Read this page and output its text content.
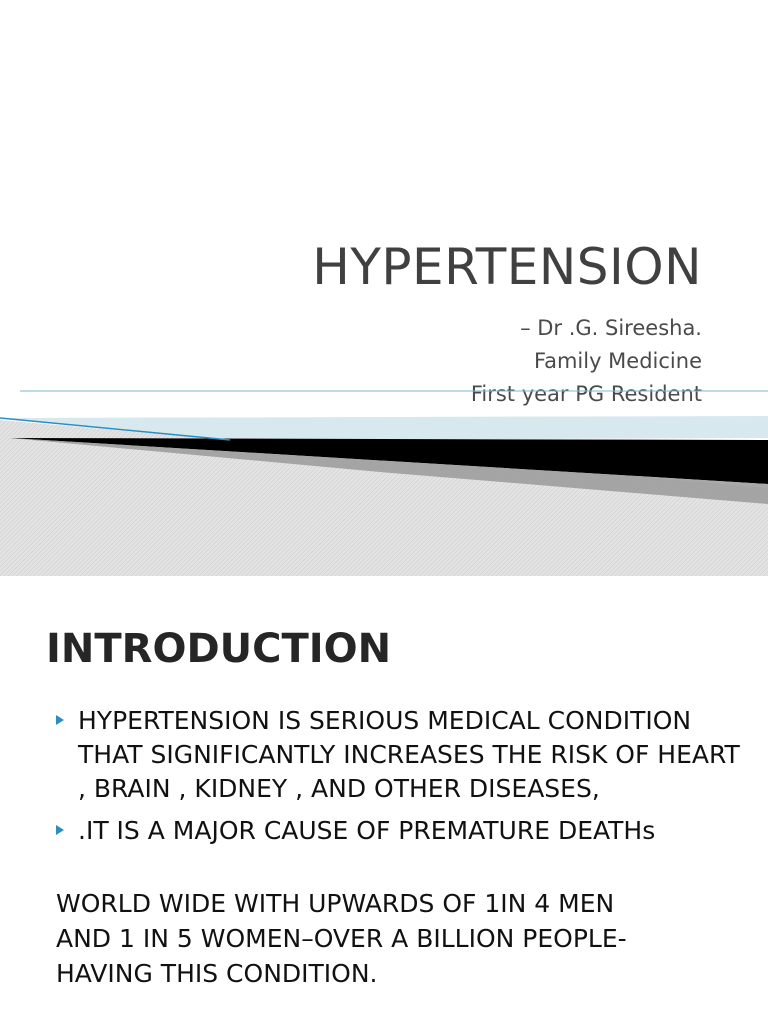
HYPERTENSION
– Dr .G. Sireesha.
Family Medicine
First year PG Resident
INTRODUCTION
HYPERTENSION IS SERIOUS MEDICAL CONDITION THAT SIGNIFICANTLY INCREASES THE RISK OF HEART , BRAIN , KIDNEY , AND OTHER DISEASES,
.IT IS A MAJOR CAUSE OF PREMATURE DEATHs
WORLD WIDE WITH UPWARDS OF 1IN 4 MEN
AND 1 IN 5 WOMEN–OVER A BILLION PEOPLE-
HAVING THIS CONDITION.
